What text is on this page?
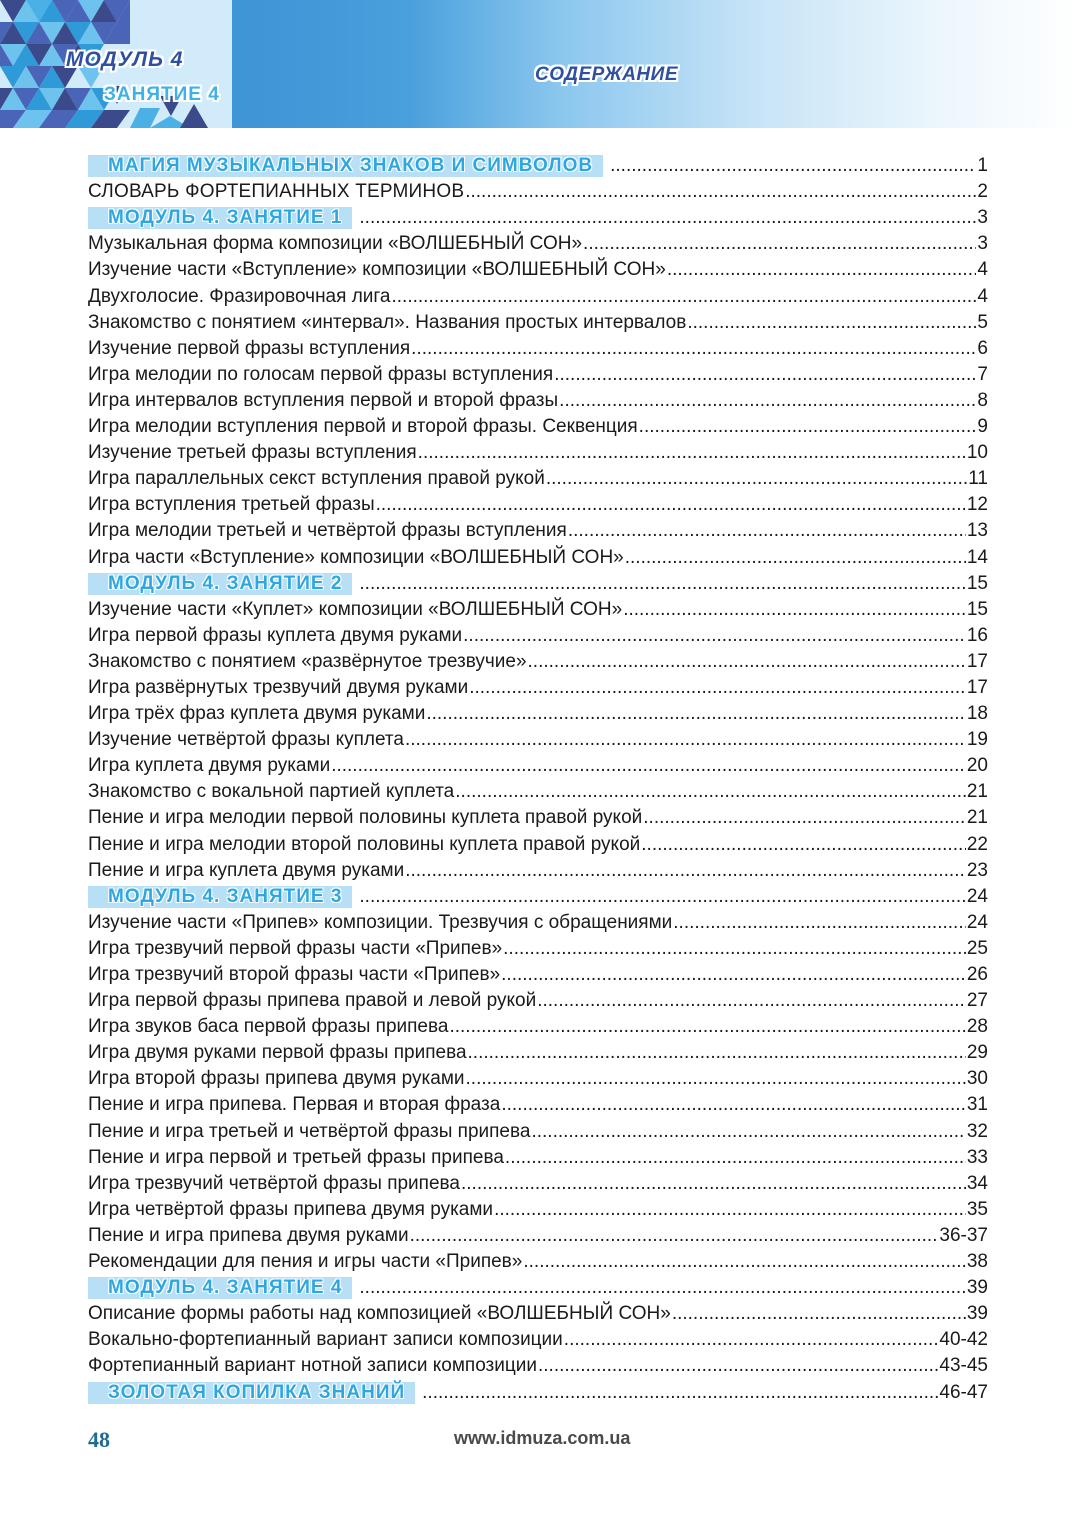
МОДУЛЬ 4
ЗАНЯТИЕ 4
СОДЕРЖАНИЕ
МАГИЯ МУЗЫКАЛЬНЫХ ЗНАКОВ И СИМВОЛОВ .....	1
СЛОВАРЬ ФОРТЕПИАННЫХ ТЕРМИНОВ .....	2
МОДУЛЬ 4. ЗАНЯТИЕ 1 .....	3
Музыкальная форма композиции «ВОЛШЕБНЫЙ СОН» .....	3
Изучение части «Вступление» композиции «ВОЛШЕБНЫЙ СОН» .....	4
Двухголосие. Фразировочная лига .....	4
Знакомство с понятием «интервал». Названия простых интервалов .....	5
Изучение первой фразы вступления .....	6
Игра мелодии по голосам первой фразы вступления .....	7
Игра интервалов вступления первой и второй фразы .....	8
Игра мелодии вступления первой и второй фразы. Секвенция .....	9
Изучение третьей фразы вступления .....	10
Игра параллельных секст вступления правой рукой .....	11
Игра вступления третьей фразы .....	12
Игра мелодии третьей и четвёртой фразы вступления .....	13
Игра части «Вступление» композиции «ВОЛШЕБНЫЙ СОН» .....	14
МОДУЛЬ 4. ЗАНЯТИЕ 2 .....	15
Изучение части «Куплет» композиции «ВОЛШЕБНЫЙ СОН» .....	15
Игра первой фразы куплета двумя руками .....	16
Знакомство с понятием «развёрнутое трезвучие» .....	17
Игра развёрнутых трезвучий двумя руками .....	17
Игра трёх фраз куплета двумя руками .....	18
Изучение четвёртой фразы куплета .....	19
Игра куплета двумя руками .....	20
Знакомство с вокальной партией куплета .....	21
Пение и игра мелодии первой половины куплета правой рукой .....	21
Пение и игра мелодии второй половины куплета правой рукой .....	22
Пение и игра куплета двумя руками .....	23
МОДУЛЬ 4. ЗАНЯТИЕ 3 .....	24
Изучение части «Припев» композиции. Трезвучия с обращениями .....	24
Игра трезвучий первой фразы части «Припев» .....	25
Игра трезвучий второй фразы части «Припев» .....	26
Игра первой фразы припева правой и левой рукой .....	27
Игра звуков баса первой фразы припева .....	28
Игра двумя руками первой фразы припева .....	29
Игра второй фразы припева двумя руками .....	30
Пение и игра припева. Первая и вторая фраза .....	31
Пение и игра третьей и четвёртой фразы припева .....	32
Пение и игра первой и третьей фразы припева .....	33
Игра трезвучий четвёртой фразы припева .....	34
Игра четвёртой фразы припева двумя руками .....	35
Пение и игра припева двумя руками .....	36-37
Рекомендации для пения и игры части «Припев» .....	38
МОДУЛЬ 4. ЗАНЯТИЕ 4 .....	39
Описание формы работы над композицией «ВОЛШЕБНЫЙ СОН» .....	39
Вокально-фортепианный вариант записи композиции .....	40-42
Фортепианный вариант нотной записи композиции .....	43-45
ЗОЛОТАЯ КОПИЛКА ЗНАНИЙ .....	46-47
48	www.idmuza.com.ua
